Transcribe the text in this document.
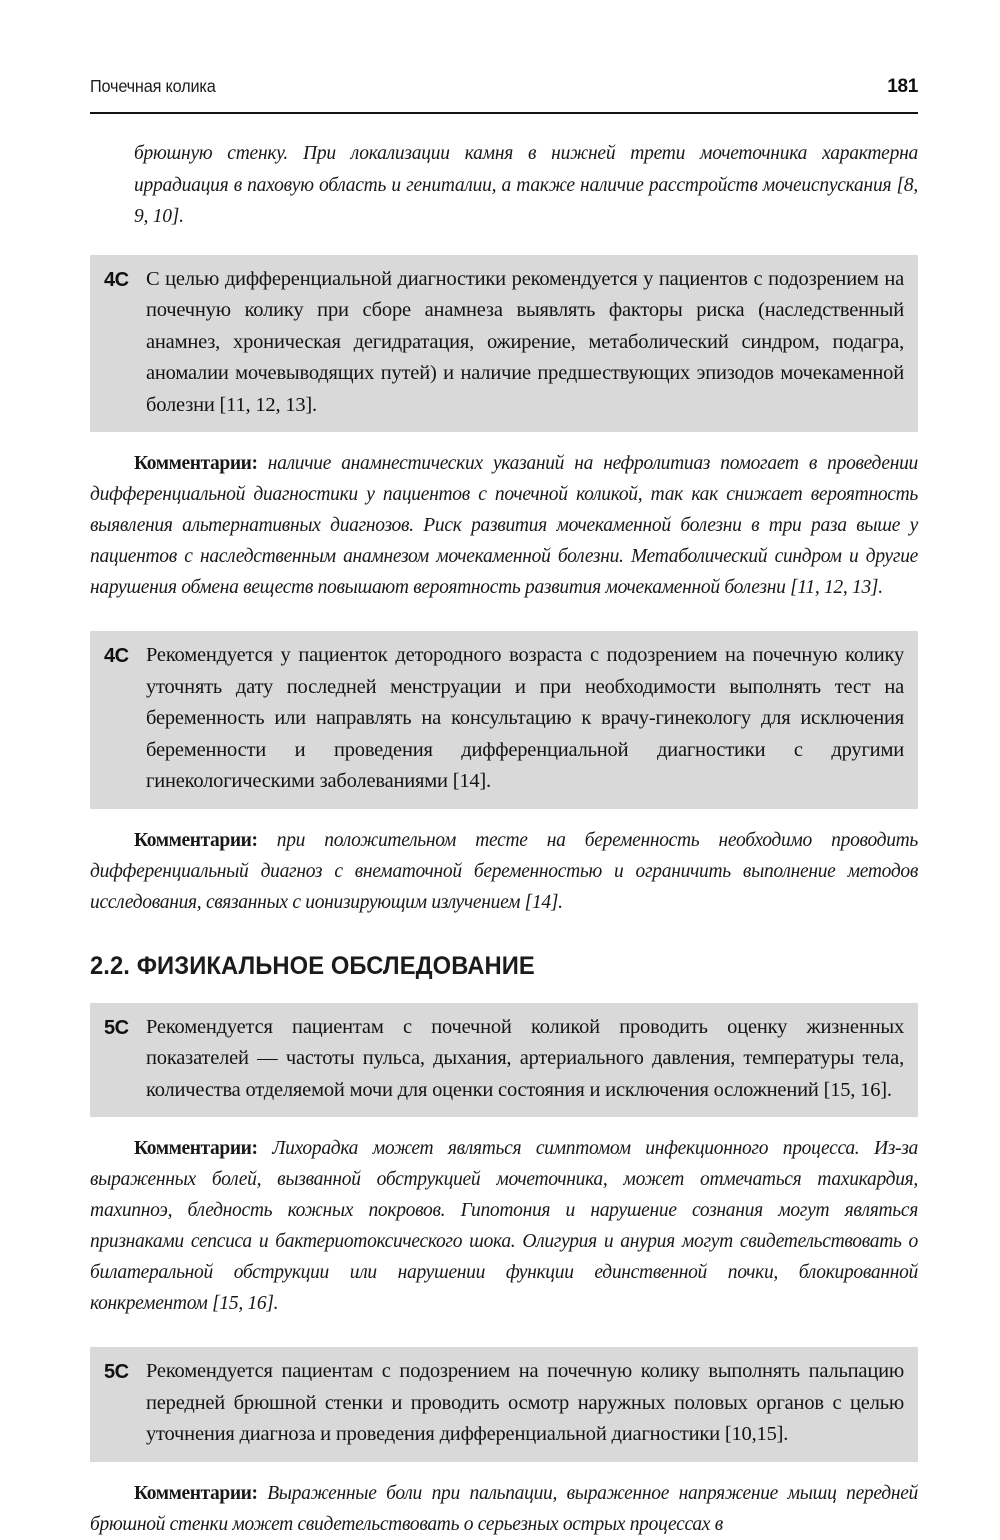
Почечная колика	181

брюшную стенку. При локализации камня в нижней трети мочеточника характерна иррадиация в паховую область и гениталии, а также наличие расстройств мочеиспускания [8, 9, 10].

4C С целью дифференциальной диагностики рекомендуется у пациентов с подозрением на почечную колику при сборе анамнеза выявлять факторы риска (наследственный анамнез, хроническая дегидратация, ожирение, метаболический синдром, подагра, аномалии мочевыводящих путей) и наличие предшествующих эпизодов мочекаменной болезни [11, 12, 13].

Комментарии: наличие анамнестических указаний на нефролитиаз помогает в проведении дифференциальной диагностики у пациентов с почечной коликой, так как снижает вероятность выявления альтернативных диагнозов. Риск развития мочекаменной болезни в три раза выше у пациентов с наследственным анамнезом мочекаменной болезни. Метаболический синдром и другие нарушения обмена веществ повышают вероятность развития мочекаменной болезни [11, 12, 13].

4C Рекомендуется у пациенток детородного возраста с подозрением на почечную колику уточнять дату последней менструации и при необходимости выполнять тест на беременность или направлять на консультацию к врачу-гинекологу для исключения беременности и проведения дифференциальной диагностики с другими гинекологическими заболеваниями [14].

Комментарии: при положительном тесте на беременность необходимо проводить дифференциальный диагноз с внематочной беременностью и ограничить выполнение методов исследования, связанных с ионизирующим излучением [14].

2.2. ФИЗИКАЛЬНОЕ ОБСЛЕДОВАНИЕ
5C Рекомендуется пациентам с почечной коликой проводить оценку жизненных показателей — частоты пульса, дыхания, артериального давления, температуры тела, количества отделяемой мочи для оценки состояния и исключения осложнений [15, 16].

Комментарии: Лихорадка может являться симптомом инфекционного процесса. Из-за выраженных болей, вызванной обструкцией мочеточника, может отмечаться тахикардия, тахипноэ, бледность кожных покровов. Гипотония и нарушение сознания могут являться признаками сепсиса и бактериотоксического шока. Олигурия и анурия могут свидетельствовать о билатеральной обструкции или нарушении функции единственной почки, блокированной конкрементом [15, 16].

5C Рекомендуется пациентам с подозрением на почечную колику выполнять пальпацию передней брюшной стенки и проводить осмотр наружных половых органов с целью уточнения диагноза и проведения дифференциальной диагностики [10,15].

Комментарии: Выраженные боли при пальпации, выраженное напряжение мышц передней брюшной стенки может свидетельствовать о серьезных острых процессах в
